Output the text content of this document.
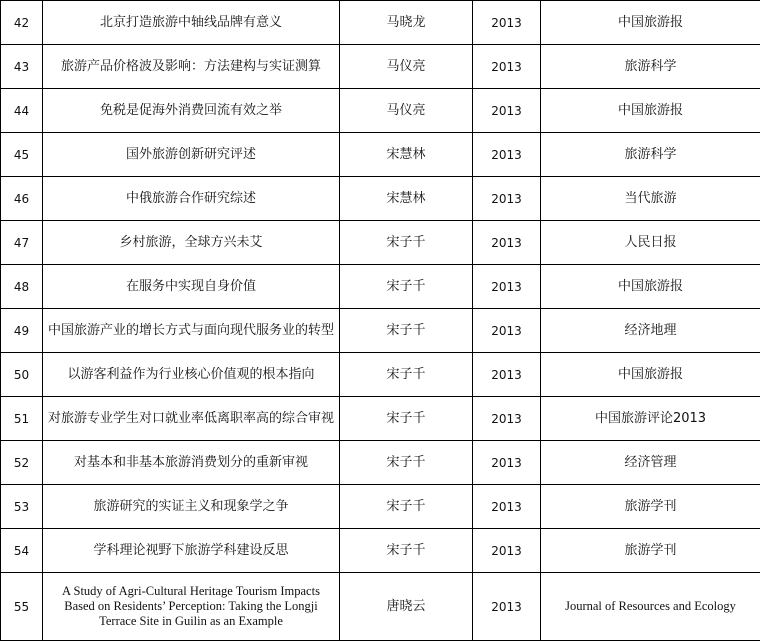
42	北京打造旅游中轴线品牌有意义	马晓龙	2013	中国旅游报
43	旅游产品价格波及影响：方法建构与实证测算	马仪亮	2013	旅游科学
44	免税是促海外消费回流有效之举	马仪亮	2013	中国旅游报
45	国外旅游创新研究评述	宋慧林	2013	旅游科学
46	中俄旅游合作研究综述	宋慧林	2013	当代旅游
47	乡村旅游，全球方兴未艾	宋子千	2013	人民日报
48	在服务中实现自身价值	宋子千	2013	中国旅游报
49	中国旅游产业的增长方式与面向现代服务业的转型	宋子千	2013	经济地理
50	以游客利益作为行业核心价值观的根本指向	宋子千	2013	中国旅游报
51	对旅游专业学生对口就业率低离职率高的综合审视	宋子千	2013	中国旅游评论2013
52	对基本和非基本旅游消费划分的重新审视	宋子千	2013	经济管理
53	旅游研究的实证主义和现象学之争	宋子千	2013	旅游学刊
54	学科理论视野下旅游学科建设反思	宋子千	2013	旅游学刊
55	A Study of Agri-Cultural Heritage Tourism Impacts Based on Residents’ Perception: Taking the Longji Terrace Site in Guilin as an Example	唐晓云	2013	Journal of Resources and Ecology
